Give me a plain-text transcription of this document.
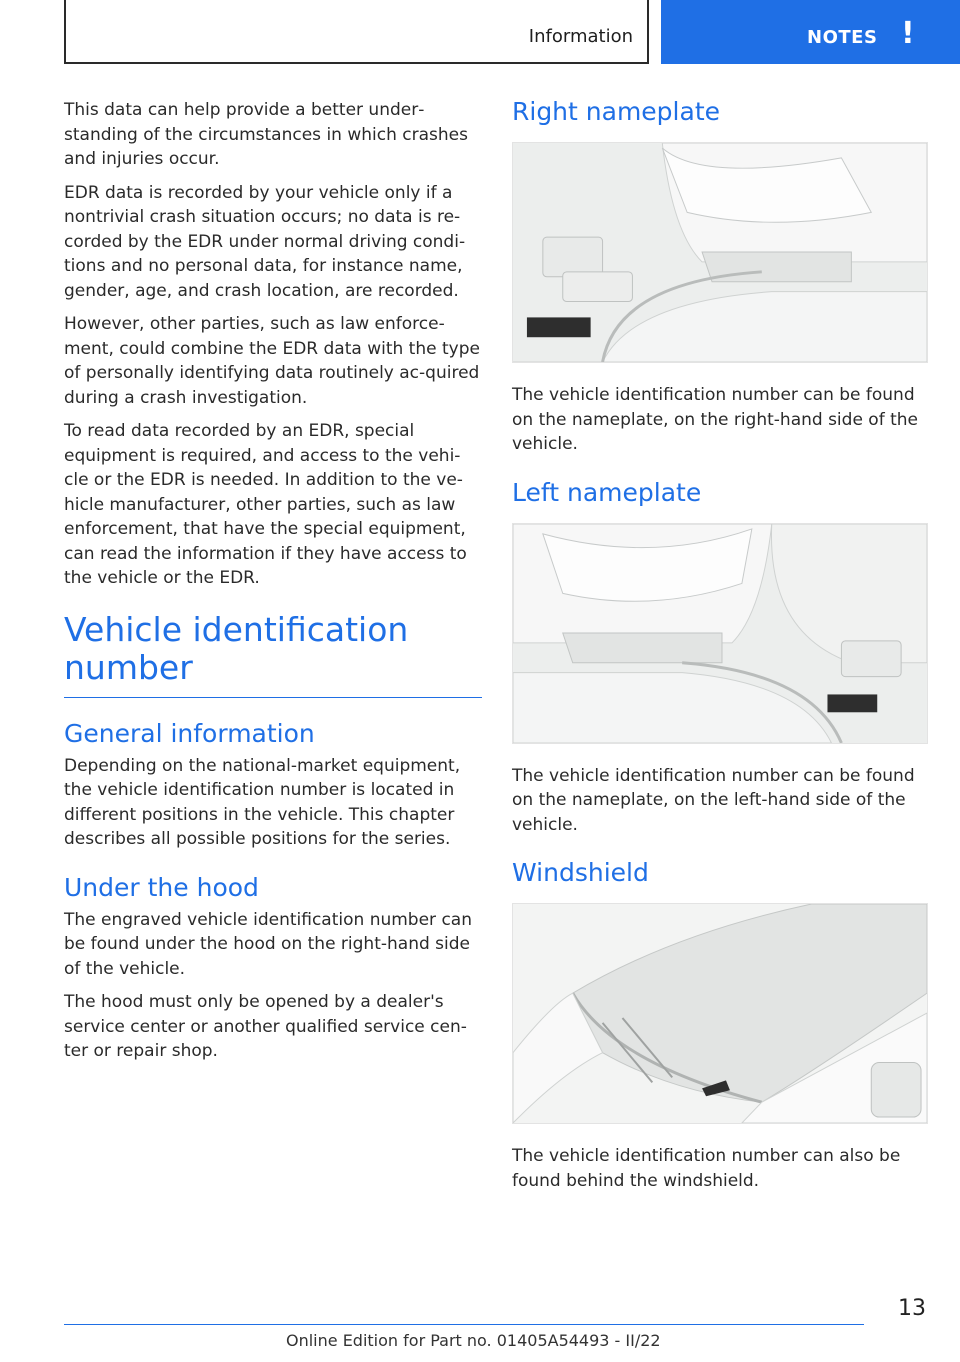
Information	NOTES !

This data can help provide a better under‐standing of the circumstances in which crashes and injuries occur.

EDR data is recorded by your vehicle only if a nontrivial crash situation occurs; no data is re‐corded by the EDR under normal driving condi‐tions and no personal data, for instance name, gender, age, and crash location, are recorded.

However, other parties, such as law enforce‐ment, could combine the EDR data with the type of personally identifying data routinely ac‐quired during a crash investigation.

To read data recorded by an EDR, special equipment is required, and access to the vehi‐cle or the EDR is needed. In addition to the ve‐hicle manufacturer, other parties, such as law enforcement, that have the special equipment, can read the information if they have access to the vehicle or the EDR.

Vehicle identification number
General information

Depending on the national-market equipment, the vehicle identification number is located in different positions in the vehicle. This chapter describes all possible positions for the series.

Under the hood

The engraved vehicle identification number can be found under the hood on the right-hand side of the vehicle.

The hood must only be opened by a dealer's service center or another qualified service cen‐ter or repair shop.

Right nameplate

The vehicle identification number can be found on the nameplate, on the right-hand side of the vehicle.

Left nameplate

The vehicle identification number can be found on the nameplate, on the left-hand side of the vehicle.

Windshield

The vehicle identification number can also be found behind the windshield.

13
Online Edition for Part no. 01405A54493 - II/22
